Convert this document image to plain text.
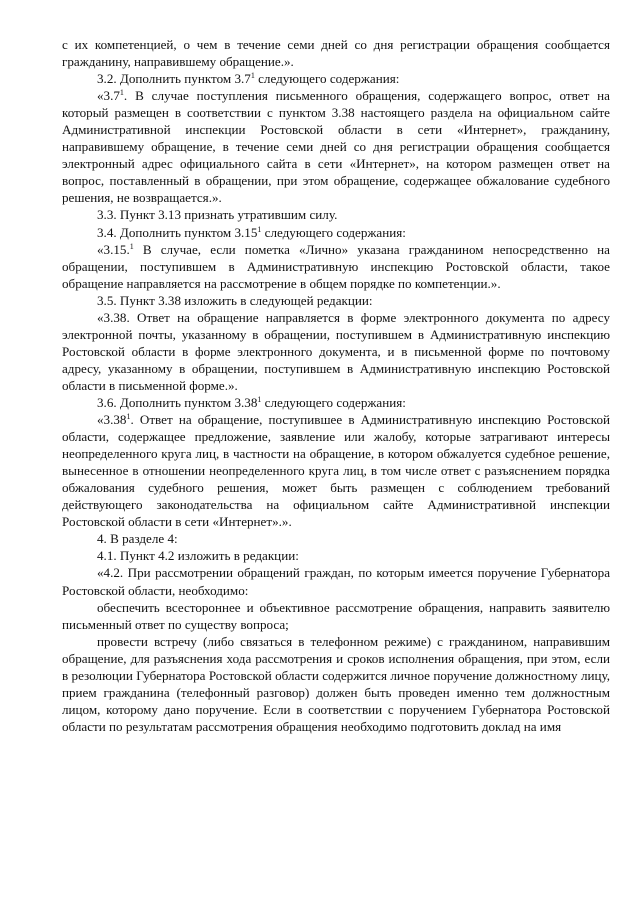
с их компетенцией, о чем в течение семи дней со дня регистрации обращения сообщается гражданину, направившему обращение.».

3.2. Дополнить пунктом $3.7^1$ следующего содержания:

«$3.7^1$. В случае поступления письменного обращения, содержащего вопрос, ответ на который размещен в соответствии с пунктом 3.38 настоящего раздела на официальном сайте Административной инспекции Ростовской области в сети «Интернет», гражданину, направившему обращение, в течение семи дней со дня регистрации обращения сообщается электронный адрес официального сайта в сети «Интернет», на котором размещен ответ на вопрос, поставленный в обращении, при этом обращение, содержащее обжалование судебного решения, не возвращается.».

3.3. Пункт 3.13 признать утратившим силу.

3.4. Дополнить пунктом 3.15$^1$ следующего содержания:

«3.15.$^1$ В случае, если пометка «Лично» указана гражданином непосредственно на обращении, поступившем в Административную инспекцию Ростовской области, такое обращение направляется на рассмотрение в общем порядке по компетенции.».

3.5. Пункт 3.38 изложить в следующей редакции:

«3.38. Ответ на обращение направляется в форме электронного документа по адресу электронной почты, указанному в обращении, поступившем в Административную инспекцию Ростовской области в форме электронного документа, и в письменной форме по почтовому адресу, указанному в обращении, поступившем в Административную инспекцию Ростовской области в письменной форме.».

3.6. Дополнить пунктом 3.38$^1$ следующего содержания:

«3.38$^1$. Ответ на обращение, поступившее в Административную инспекцию Ростовской области, содержащее предложение, заявление или жалобу, которые затрагивают интересы неопределенного круга лиц, в частности на обращение, в котором обжалуется судебное решение, вынесенное в отношении неопределенного круга лиц, в том числе ответ с разъяснением порядка обжалования судебного решения, может быть размещен с соблюдением требований действующего законодательства на официальном сайте Административной инспекции Ростовской области в сети «Интернет».».

4. В разделе 4:

4.1. Пункт 4.2 изложить в редакции:

«4.2. При рассмотрении обращений граждан, по которым имеется поручение Губернатора Ростовской области, необходимо:

обеспечить всестороннее и объективное рассмотрение обращения, направить заявителю письменный ответ по существу вопроса;

провести встречу (либо связаться в телефонном режиме) с гражданином, направившим обращение, для разъяснения хода рассмотрения и сроков исполнения обращения, при этом, если в резолюции Губернатора Ростовской области содержится личное поручение должностному лицу, прием гражданина (телефонный разговор) должен быть проведен именно тем должностным лицом, которому дано поручение. Если в соответствии с поручением Губернатора Ростовской области по результатам рассмотрения обращения необходимо подготовить доклад на имя
